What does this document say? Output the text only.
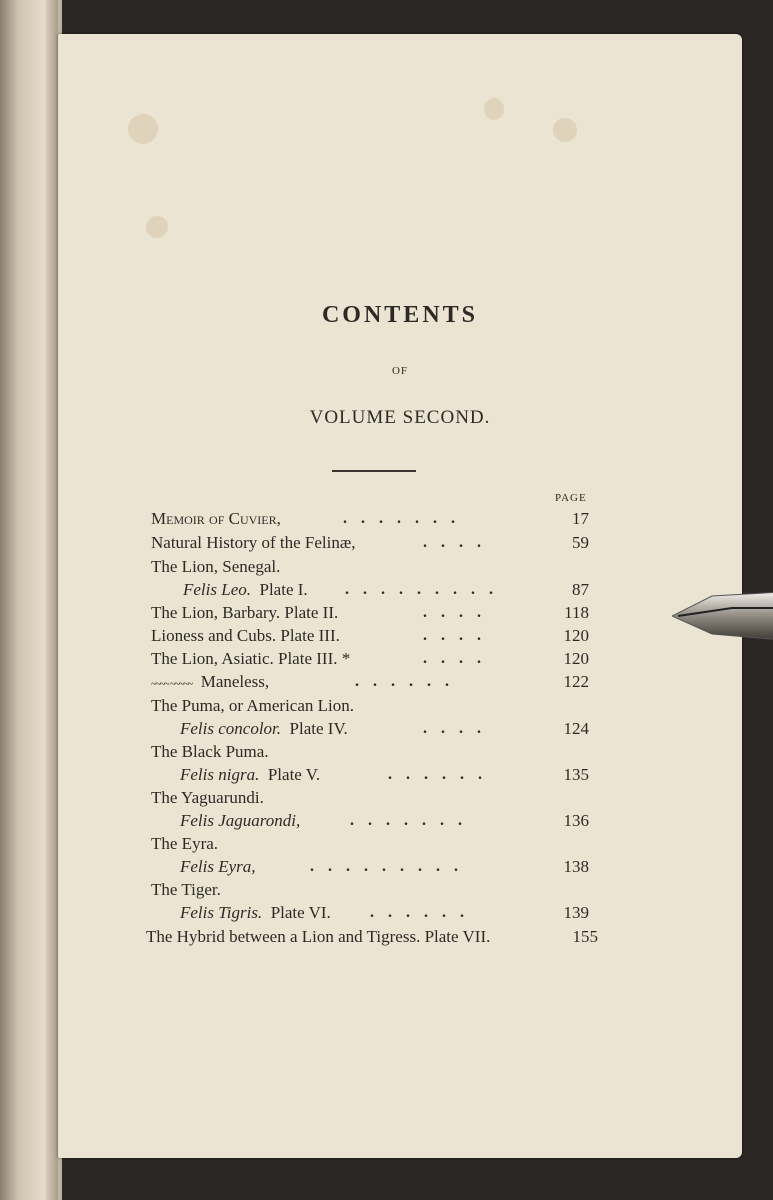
CONTENTS
OF
VOLUME SECOND.
PAGE
Memoir of Cuvier,	.......	17
Natural History of the Felinæ,	....	59
The Lion, Senegal.
Felis Leo. Plate I. .........	87
The Lion, Barbary. Plate II.	....	118
Lioness and Cubs. Plate III.	....	120
The Lion, Asiatic. Plate III. *	....	120
~~~~ ~~~~~ Maneless,	......	122
The Puma, or American Lion.
Felis concolor. Plate IV.	....	124
The Black Puma.
Felis nigra. Plate V.	......	135
The Yaguarundi.
Felis Jaguarondi,	.......	136
The Eyra.
Felis Eyra,	.........	138
The Tiger.
Felis Tigris. Plate VI. ......	139
The Hybrid between a Lion and Tigress. Plate VII.	155
